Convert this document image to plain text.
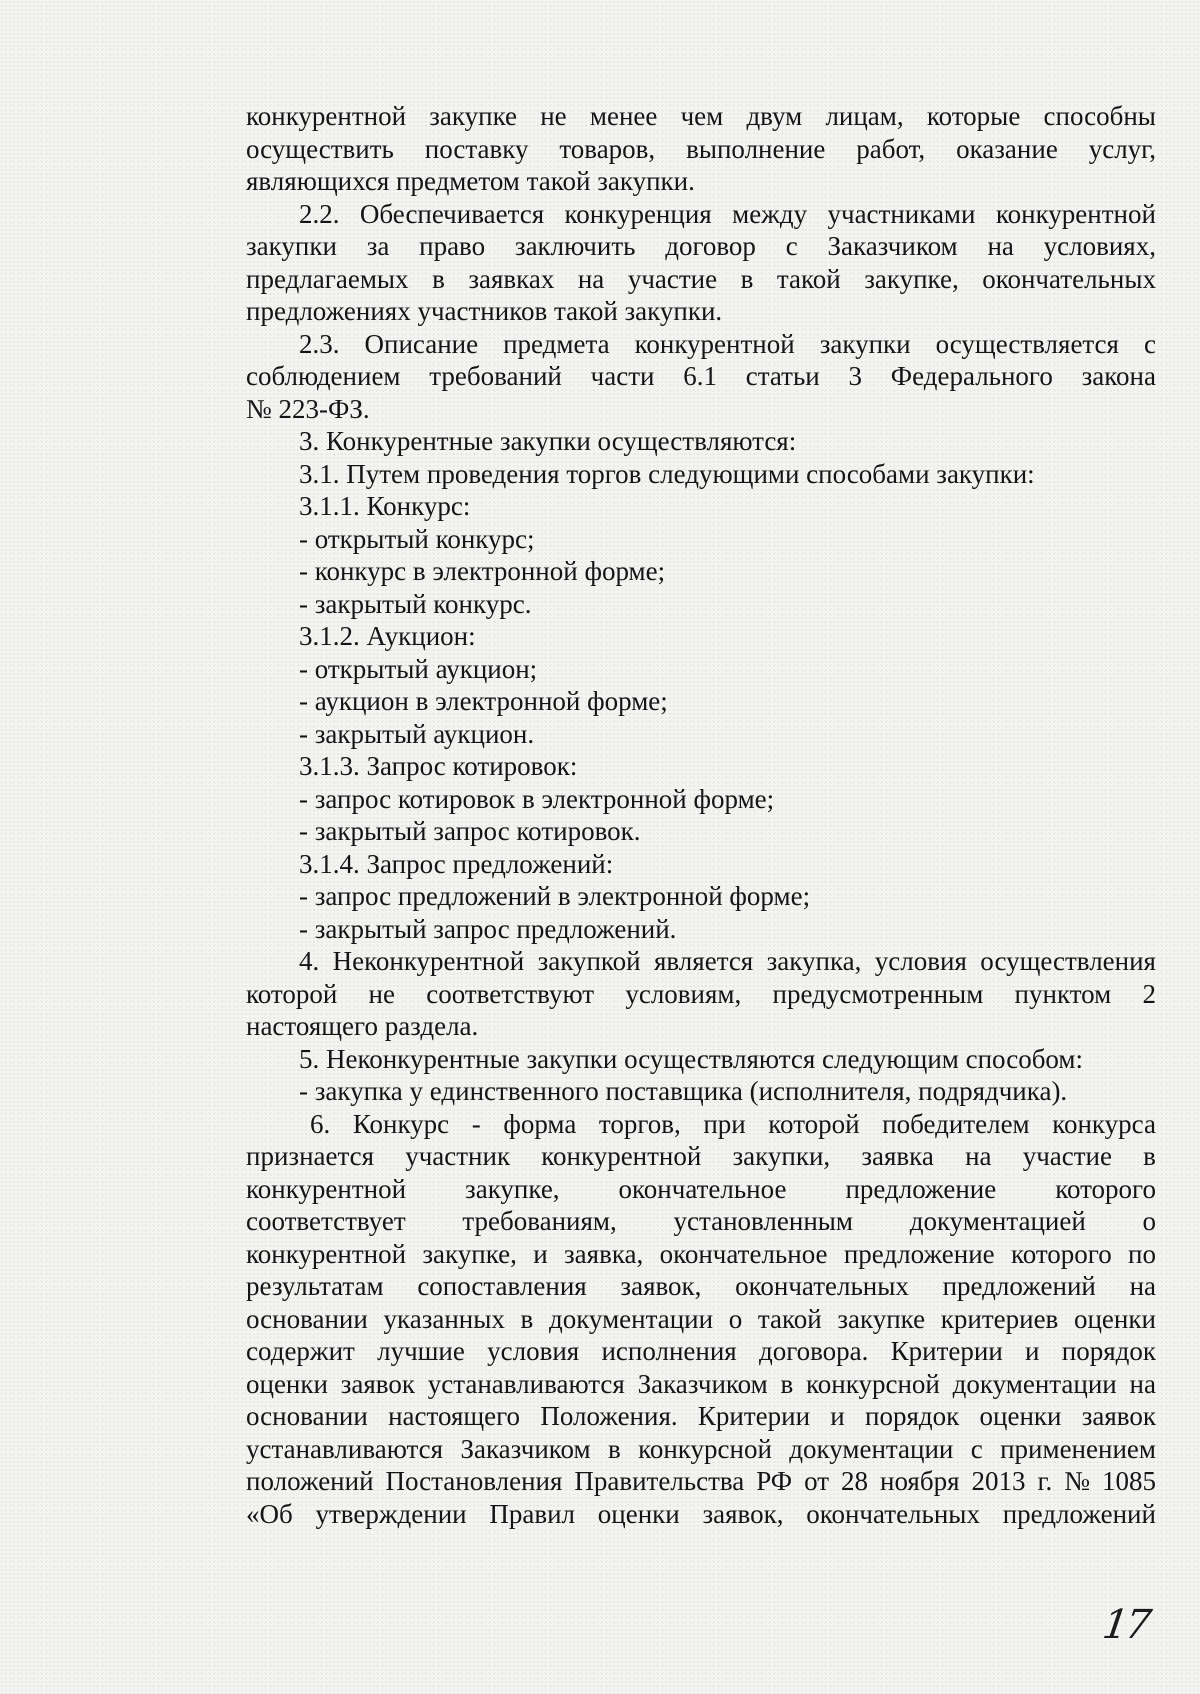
конкурентной закупке не менее чем двум лицам, которые способны
осуществить поставку товаров, выполнение работ, оказание услуг,
являющихся предметом такой закупки.
2.2. Обеспечивается конкуренция между участниками конкурентной
закупки за право заключить договор с Заказчиком на условиях,
предлагаемых в заявках на участие в такой закупке, окончательных
предложениях участников такой закупки.
2.3. Описание предмета конкурентной закупки осуществляется с
соблюдением требований части 6.1 статьи 3 Федерального закона
№ 223-ФЗ.
3. Конкурентные закупки осуществляются:
3.1. Путем проведения торгов следующими способами закупки:
3.1.1. Конкурс:
- открытый конкурс;
- конкурс в электронной форме;
- закрытый конкурс.
3.1.2. Аукцион:
- открытый аукцион;
- аукцион в электронной форме;
- закрытый аукцион.
3.1.3. Запрос котировок:
- запрос котировок в электронной форме;
- закрытый запрос котировок.
3.1.4. Запрос предложений:
- запрос предложений в электронной форме;
- закрытый запрос предложений.
4. Неконкурентной закупкой является закупка, условия осуществления
которой не соответствуют условиям, предусмотренным пунктом 2
настоящего раздела.
5. Неконкурентные закупки осуществляются следующим способом:
- закупка у единственного поставщика (исполнителя, подрядчика).
6. Конкурс - форма торгов, при которой победителем конкурса
признается участник конкурентной закупки, заявка на участие в
конкурентной закупке, окончательное предложение которого
соответствует требованиям, установленным документацией о
конкурентной закупке, и заявка, окончательное предложение которого по
результатам сопоставления заявок, окончательных предложений на
основании указанных в документации о такой закупке критериев оценки
содержит лучшие условия исполнения договора. Критерии и порядок
оценки заявок устанавливаются Заказчиком в конкурсной документации на
основании настоящего Положения. Критерии и порядок оценки заявок
устанавливаются Заказчиком в конкурсной документации с применением
положений Постановления Правительства РФ от 28 ноября 2013 г. № 1085
«Об утверждении Правил оценки заявок, окончательных предложений
17
